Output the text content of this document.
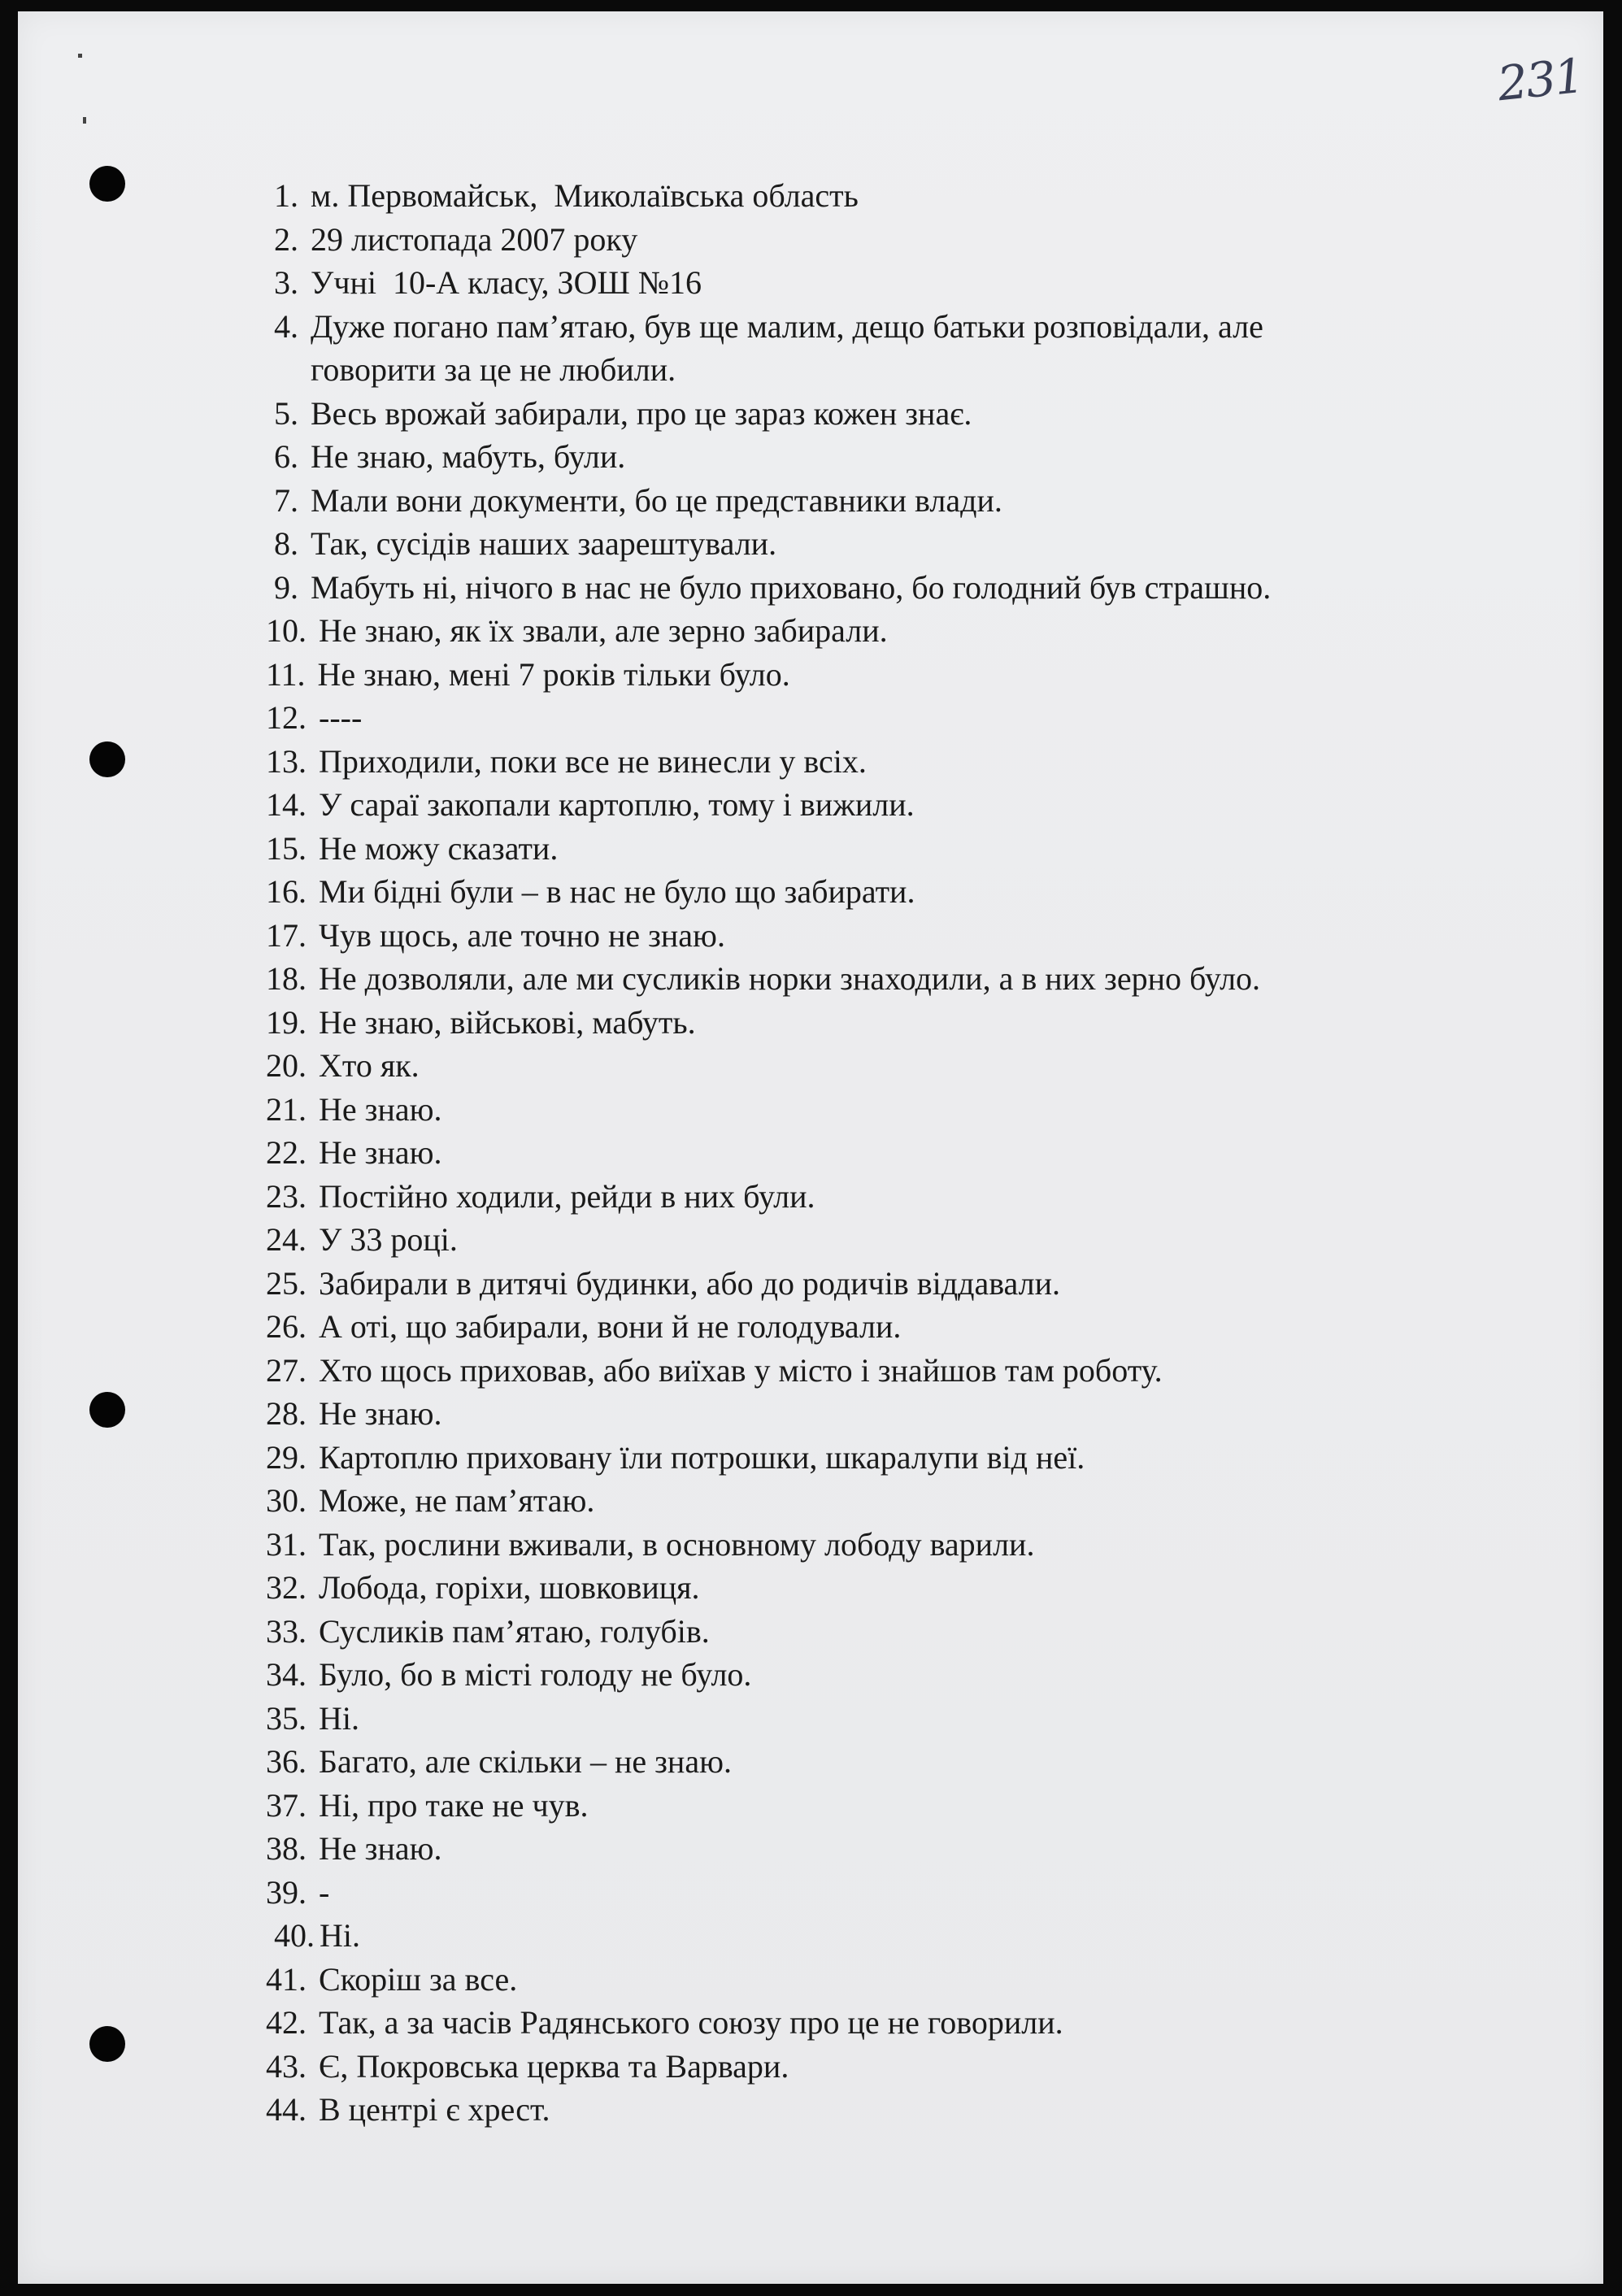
231
1. м. Первомайськ,  Миколаївська область
2. 29 листопада 2007 року
3. Учні  10-А класу, ЗОШ №16
4. Дуже погано пам’ятаю, був ще малим, дещо батьки розповідали, але
говорити за це не любили.
5. Весь врожай забирали, про це зараз кожен знає.
6. Не знаю, мабуть, були.
7. Мали вони документи, бо це представники влади.
8. Так, сусідів наших заарештували.
9. Мабуть ні, нічого в нас не було приховано, бо голодний був страшно.
10. Не знаю, як їх звали, але зерно забирали.
11. Не знаю, мені 7 років тільки було.
12. ----
13. Приходили, поки все не винесли у всіх.
14. У сараї закопали картоплю, тому і вижили.
15. Не можу сказати.
16. Ми бідні були – в нас не було що забирати.
17. Чув щось, але точно не знаю.
18. Не дозволяли, але ми сусликів норки знаходили, а в них зерно було.
19. Не знаю, військові, мабуть.
20. Хто як.
21. Не знаю.
22. Не знаю.
23. Постійно ходили, рейди в них були.
24. У 33 році.
25. Забирали в дитячі будинки, або до родичів віддавали.
26. А оті, що забирали, вони й не голодували.
27. Хто щось приховав, або виїхав у місто і знайшов там роботу.
28. Не знаю.
29. Картоплю приховану їли потрошки, шкаралупи від неї.
30. Може, не пам’ятаю.
31. Так, рослини вживали, в основному лободу варили.
32. Лобода, горіхи, шовковиця.
33. Сусликів пам’ятаю, голубів.
34. Було, бо в місті голоду не було.
35. Ні.
36. Багато, але скільки – не знаю.
37. Ні, про таке не чув.
38. Не знаю.
39. -
40. Ні.
41. Скоріш за все.
42. Так, а за часів Радянського союзу про це не говорили.
43. Є, Покровська церква та Варвари.
44. В центрі є хрест.
